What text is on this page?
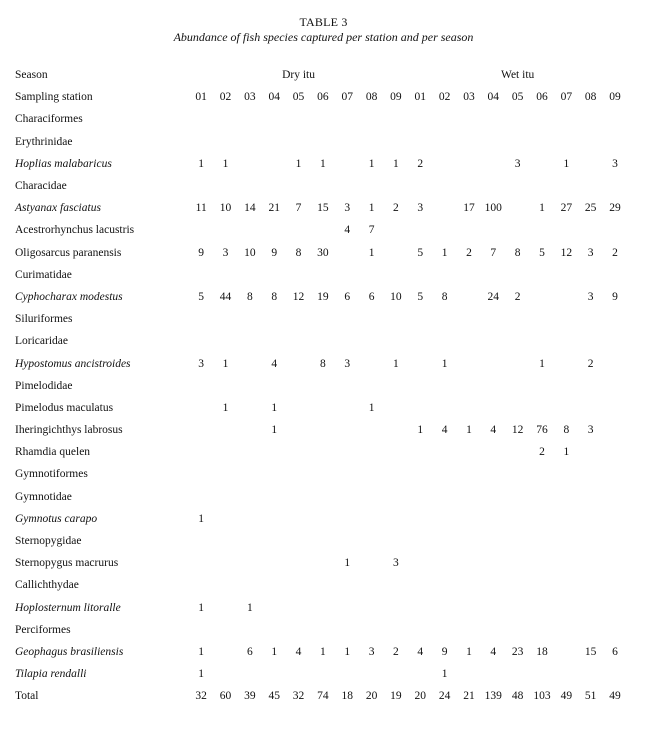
TABLE 3
Abundance of fish species captured per station and per season
Season	Dry itu									Wet itu								
Sampling station	01	02	03	04	05	06	07	08	09	01	02	03	04	05	06	07	08	09
Characiformes																		
Erythrinidae																		
Hoplias malabaricus	1	1			1	1		1	1	2				3		1		3
Characidae																		
Astyanax fasciatus	11	10	14	21	7	15	3	1	2	3		17	100		1	27	25	29
Acestrorhynchus lacustris							4	7										
Oligosarcus paranensis	9	3	10	9	8	30		1		5	1	2	7	8	5	12	3	2
Curimatidae																		
Cyphocharax modestus	5	44	8	8	12	19	6	6	10	5	8		24	2			3	9
Siluriformes																		
Loricaridae																		
Hypostomus ancistroides	3	1		4		8	3		1		1				1		2	
Pimelodidae																		
Pimelodus maculatus		1		1				1										
Iheringichthys labrosus				1						1	4	1	4	12	76	8	3	
Rhamdia quelen															2	1		
Gymnotiformes																		
Gymnotidae																		
Gymnotus carapo	1																	
Sternopygidae																		
Sternopygus macrurus							1		3									
Callichthydae																		
Hoplosternum litoralle	1		1															
Perciformes																		
Geophagus brasiliensis	1		6	1	4	1	1	3	2	4	9	1	4	23	18		15	6
Tilapia rendalli	1										1							
Total	32	60	39	45	32	74	18	20	19	20	24	21	139	48	103	49	51	49
